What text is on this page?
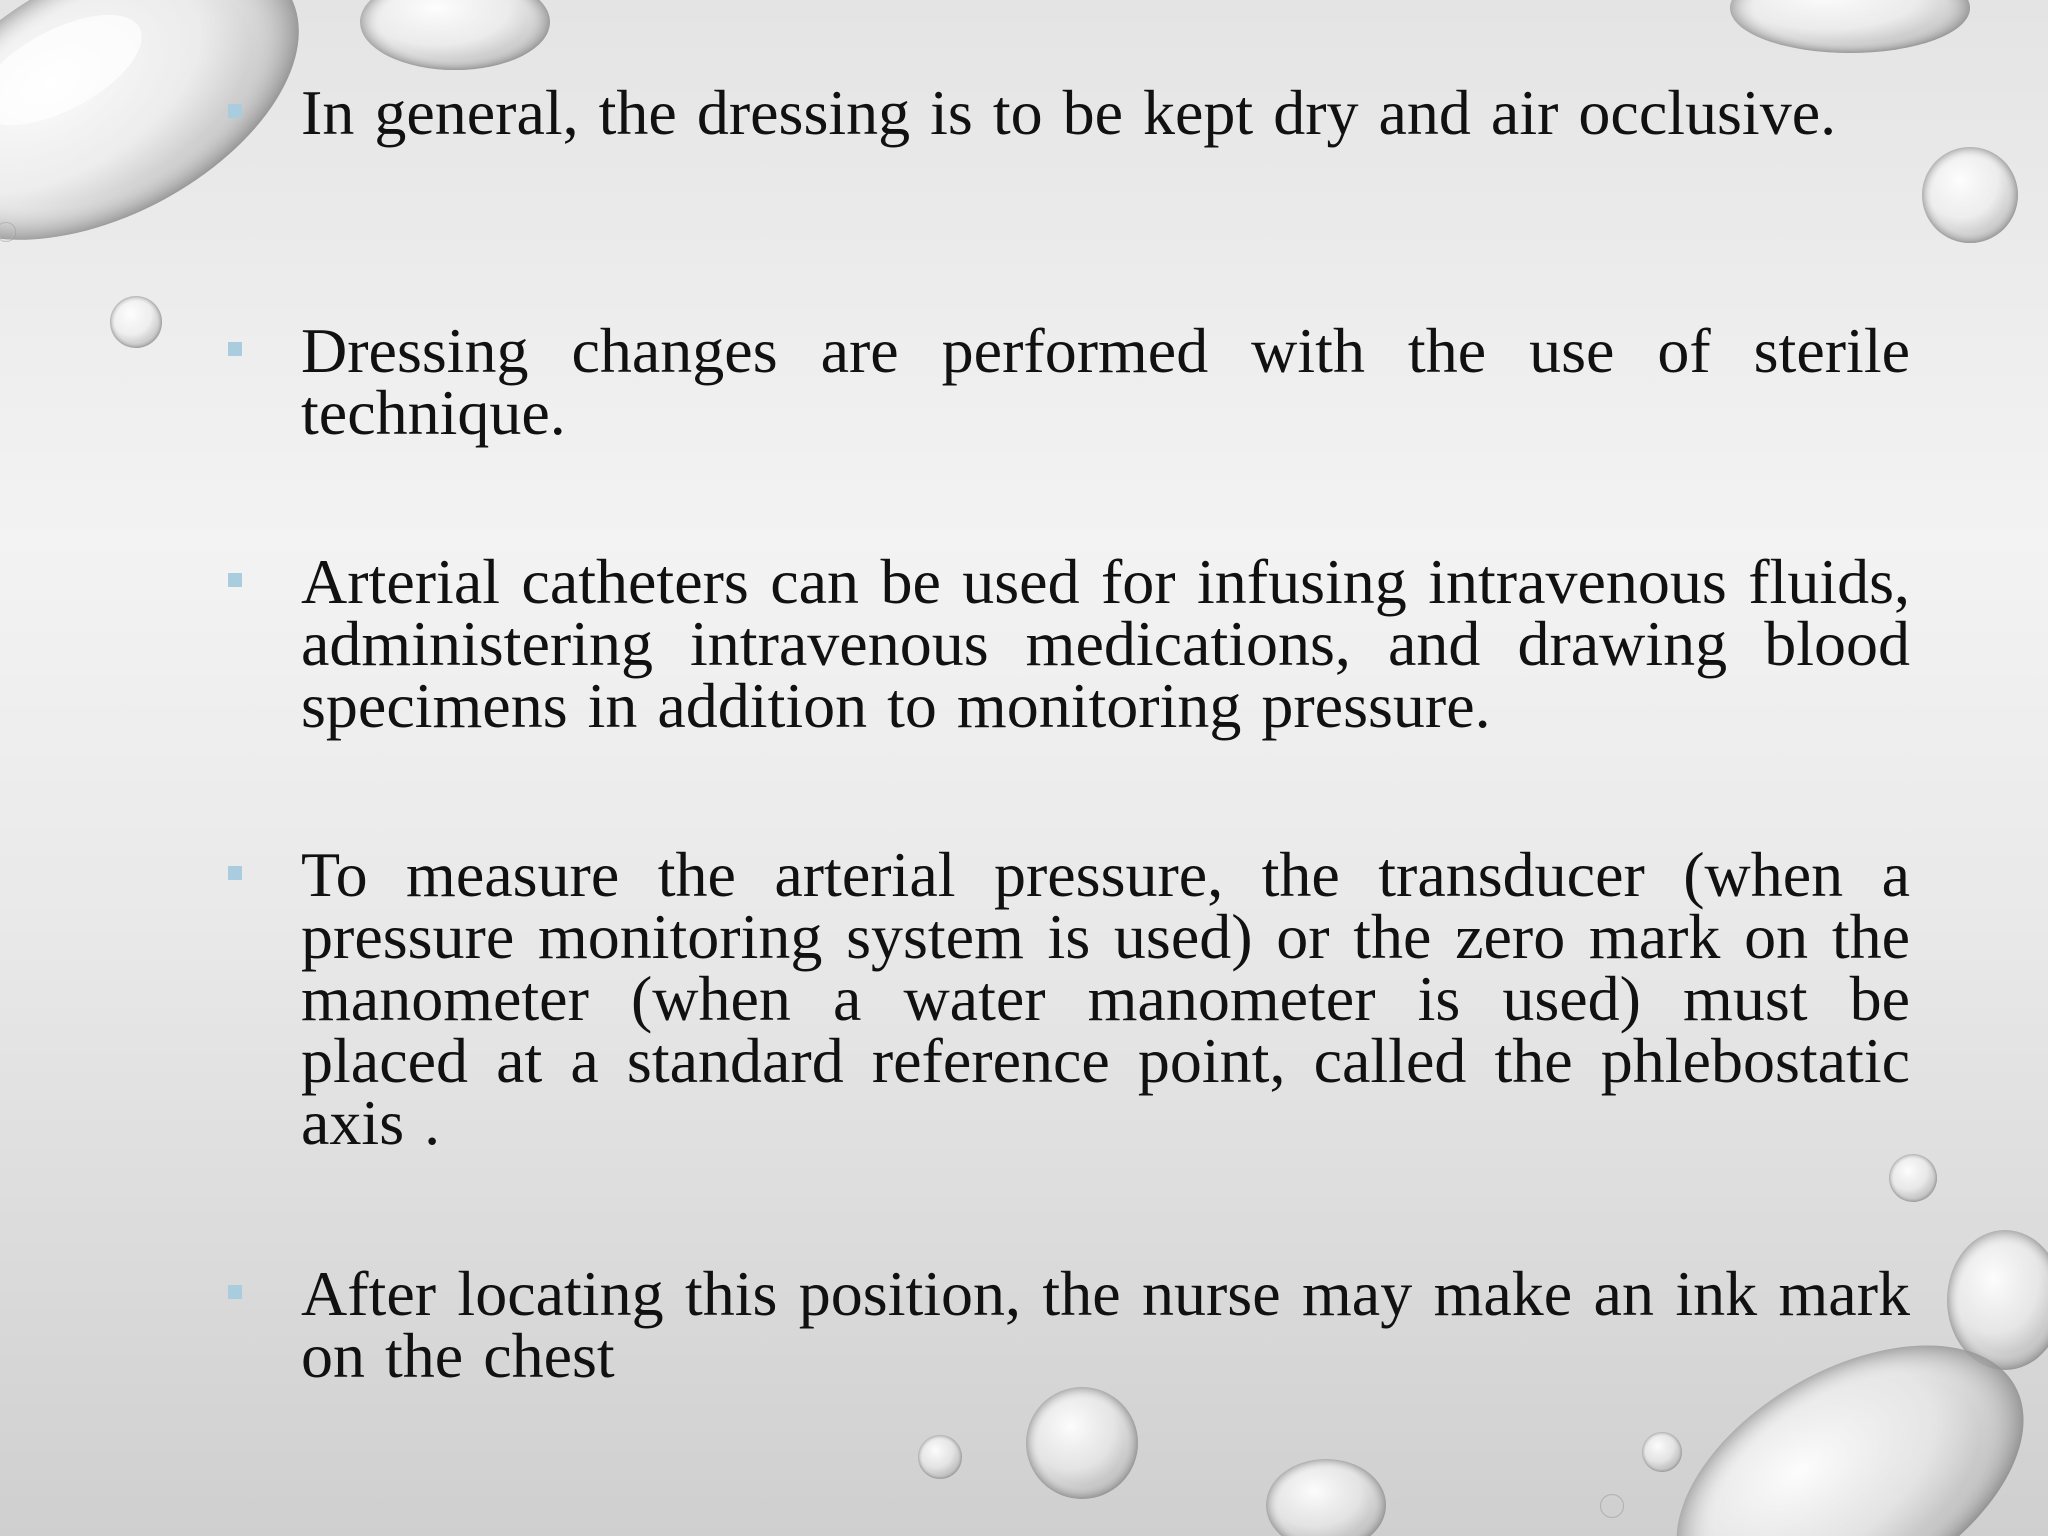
In general, the dressing is to be kept dry and air occlusive.
Dressing changes are performed with the use of sterile technique.
Arterial catheters can be used for infusing intravenous fluids, administering intravenous medications, and drawing blood specimens in addition to monitoring pressure.
To measure the arterial pressure, the transducer (when a pressure monitoring system is used) or the zero mark on the manometer (when a water manometer is used) must be placed at a standard reference point, called the phlebostatic axis .
After locating this position, the nurse may make an ink mark on the chest
